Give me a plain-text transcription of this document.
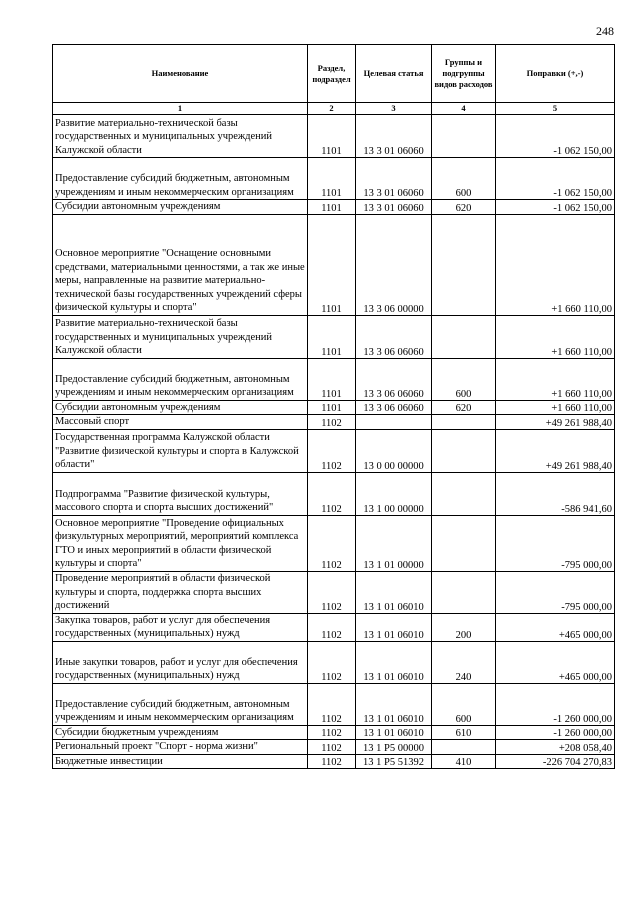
248
Наименование	Раздел, подраздел	Целевая статья	Группы и подгруппы видов расходов	Поправки (+,-)
1	2	3	4	5
Развитие материально-технической базы государственных и муниципальных учреждений Калужской области	1101	13 3 01 06060		-1 062 150,00
Предоставление субсидий бюджетным, автономным учреждениям и иным некоммерческим организациям	1101	13 3 01 06060	600	-1 062 150,00
Субсидии автономным учреждениям	1101	13 3 01 06060	620	-1 062 150,00
Основное мероприятие "Оснащение основными средствами, материальными ценностями, а так же иные меры, направленные на развитие материально-технической базы государственных учреждений сферы физической культуры и спорта"	1101	13 3 06 00000		+1 660 110,00
Развитие материально-технической базы государственных и муниципальных учреждений Калужской области	1101	13 3 06 06060		+1 660 110,00
Предоставление субсидий бюджетным, автономным учреждениям и иным некоммерческим организациям	1101	13 3 06 06060	600	+1 660 110,00
Субсидии автономным учреждениям	1101	13 3 06 06060	620	+1 660 110,00
Массовый спорт	1102			+49 261 988,40
Государственная программа Калужской области "Развитие физической культуры и спорта в Калужской области"	1102	13 0 00 00000		+49 261 988,40
Подпрограмма "Развитие физической культуры, массового спорта и спорта высших достижений"	1102	13 1 00 00000		-586 941,60
Основное мероприятие "Проведение официальных физкультурных мероприятий, мероприятий комплекса ГТО и иных мероприятий в области физической культуры и спорта"	1102	13 1 01 00000		-795 000,00
Проведение мероприятий в области физической культуры и спорта, поддержка спорта высших достижений	1102	13 1 01 06010		-795 000,00
Закупка товаров, работ и услуг для обеспечения государственных (муниципальных) нужд	1102	13 1 01 06010	200	+465 000,00
Иные закупки товаров, работ и услуг для обеспечения государственных (муниципальных) нужд	1102	13 1 01 06010	240	+465 000,00
Предоставление субсидий бюджетным, автономным учреждениям и иным некоммерческим организациям	1102	13 1 01 06010	600	-1 260 000,00
Субсидии бюджетным учреждениям	1102	13 1 01 06010	610	-1 260 000,00
Региональный проект "Спорт - норма жизни"	1102	13 1 P5 00000		+208 058,40
Бюджетные инвестиции	1102	13 1 P5 51392	410	-226 704 270,83
